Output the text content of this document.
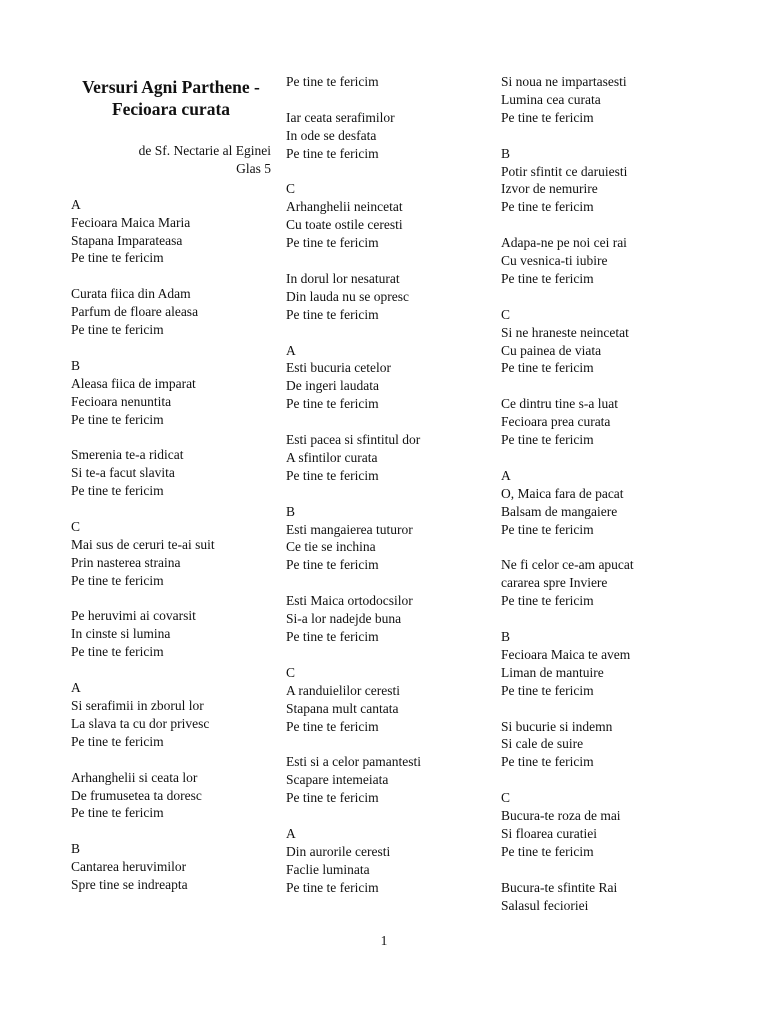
Versuri Agni Parthene -
Fecioara curata
de Sf. Nectarie al Eginei
Glas 5
A
Fecioara Maica Maria
Stapana Imparateasa
Pe tine te fericim
Curata fiica din Adam
Parfum de floare aleasa
Pe tine te fericim
B
Aleasa fiica de imparat
Fecioara nenuntita
Pe tine te fericim
Smerenia te-a ridicat
Si te-a facut slavita
Pe tine te fericim
C
Mai sus de ceruri te-ai suit
Prin nasterea straina
Pe tine te fericim
Pe heruvimi ai covarsit
In cinste si lumina
Pe tine te fericim
A
Si serafimii in zborul lor
La slava ta cu dor privesc
Pe tine te fericim
Arhanghelii si ceata lor
De frumusetea ta doresc
Pe tine te fericim
B
Cantarea heruvimilor
Spre tine se indreapta
Pe tine te fericim
Iar ceata serafimilor
In ode se desfata
Pe tine te fericim
C
Arhanghelii neincetat
Cu toate ostile ceresti
Pe tine te fericim
In dorul lor nesaturat
Din lauda nu se opresc
Pe tine te fericim
A
Esti bucuria cetelor
De ingeri laudata
Pe tine te fericim
Esti pacea si sfintitul dor
A sfintilor curata
Pe tine te fericim
B
Esti mangaierea tuturor
Ce tie se inchina
Pe tine te fericim
Esti Maica ortodocsilor
Si-a lor nadejde buna
Pe tine te fericim
C
A randuielilor ceresti
Stapana mult cantata
Pe tine te fericim
Esti si a celor pamantesti
Scapare intemeiata
Pe tine te fericim
A
Din aurorile ceresti
Faclie luminata
Pe tine te fericim
Si noua ne impartasesti
Lumina cea curata
Pe tine te fericim
B
Potir sfintit ce daruiesti
Izvor de nemurire
Pe tine te fericim
Adapa-ne pe noi cei rai
Cu vesnica-ti iubire
Pe tine te fericim
C
Si ne hraneste neincetat
Cu painea de viata
Pe tine te fericim
Ce dintru tine s-a luat
Fecioara prea curata
Pe tine te fericim
A
O, Maica fara de pacat
Balsam de mangaiere
Pe tine te fericim
Ne fi celor ce-am apucat
cararea spre Inviere
Pe tine te fericim
B
Fecioara Maica te avem
Liman de mantuire
Pe tine te fericim
Si bucurie si indemn
Si cale de suire
Pe tine te fericim
C
Bucura-te roza de mai
Si floarea curatiei
Pe tine te fericim
Bucura-te sfintite Rai
Salasul fecioriei
1
